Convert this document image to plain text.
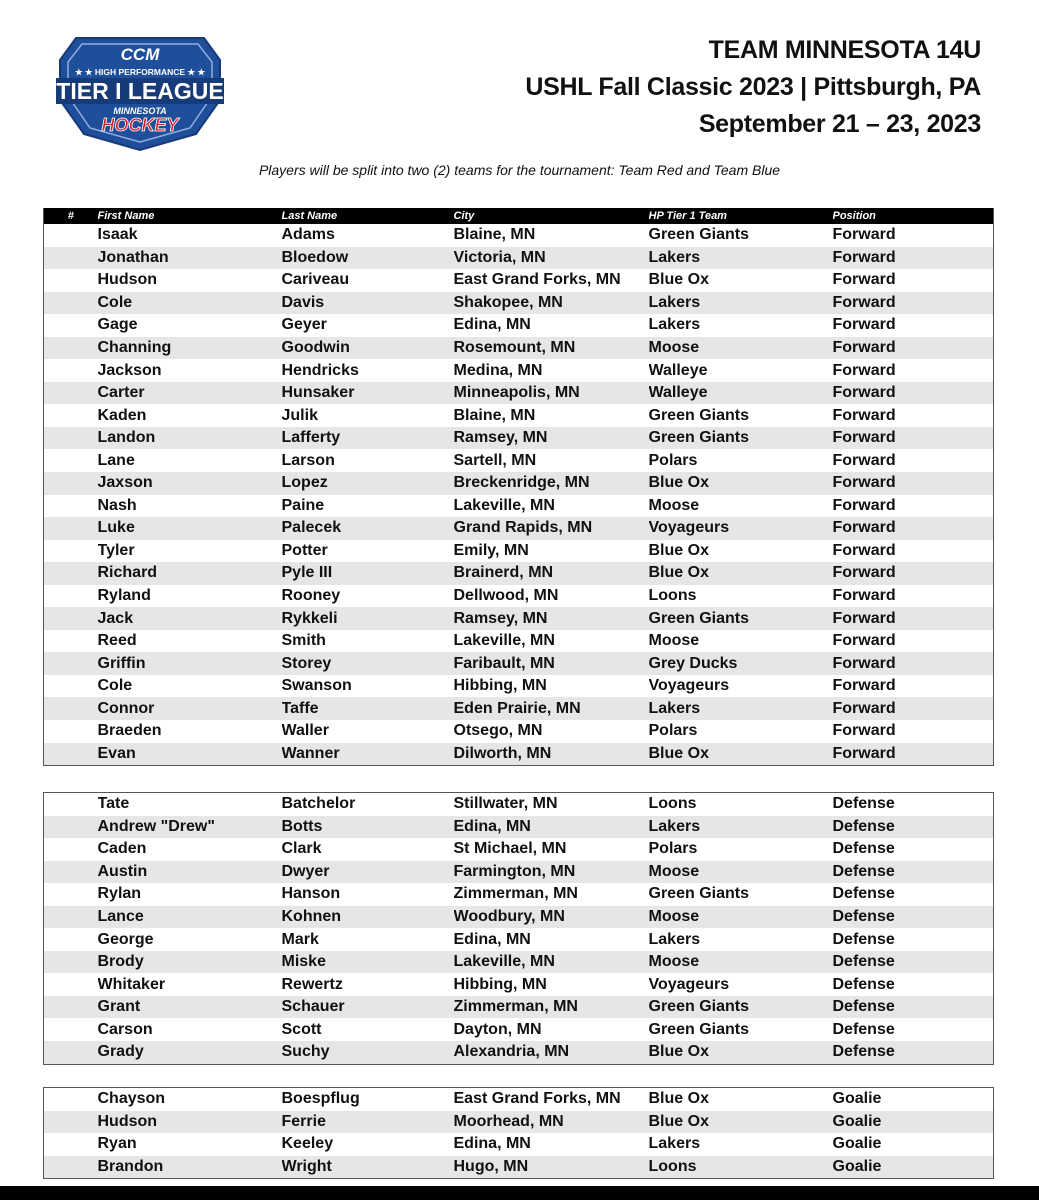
CCM
★ ★ HIGH PERFORMANCE ★ ★
TIER I LEAGUE
MINNESOTA
HOCKEY
TEAM MINNESOTA 14U
USHL Fall Classic 2023 | Pittsburgh, PA
September 21 – 23, 2023
Players will be split into two (2) teams for the tournament: Team Red and Team Blue
#	First Name	Last Name	City	HP Tier 1 Team	Position
	Isaak	Adams	Blaine, MN	Green Giants	Forward
	Jonathan	Bloedow	Victoria, MN	Lakers	Forward
	Hudson	Cariveau	East Grand Forks, MN	Blue Ox	Forward
	Cole	Davis	Shakopee, MN	Lakers	Forward
	Gage	Geyer	Edina, MN	Lakers	Forward
	Channing	Goodwin	Rosemount, MN	Moose	Forward
	Jackson	Hendricks	Medina, MN	Walleye	Forward
	Carter	Hunsaker	Minneapolis, MN	Walleye	Forward
	Kaden	Julik	Blaine, MN	Green Giants	Forward
	Landon	Lafferty	Ramsey, MN	Green Giants	Forward
	Lane	Larson	Sartell, MN	Polars	Forward
	Jaxson	Lopez	Breckenridge, MN	Blue Ox	Forward
	Nash	Paine	Lakeville, MN	Moose	Forward
	Luke	Palecek	Grand Rapids, MN	Voyageurs	Forward
	Tyler	Potter	Emily, MN	Blue Ox	Forward
	Richard	Pyle III	Brainerd, MN	Blue Ox	Forward
	Ryland	Rooney	Dellwood, MN	Loons	Forward
	Jack	Rykkeli	Ramsey, MN	Green Giants	Forward
	Reed	Smith	Lakeville, MN	Moose	Forward
	Griffin	Storey	Faribault, MN	Grey Ducks	Forward
	Cole	Swanson	Hibbing, MN	Voyageurs	Forward
	Connor	Taffe	Eden Prairie, MN	Lakers	Forward
	Braeden	Waller	Otsego, MN	Polars	Forward
	Evan	Wanner	Dilworth, MN	Blue Ox	Forward
	Tate	Batchelor	Stillwater, MN	Loons	Defense
	Andrew "Drew"	Botts	Edina, MN	Lakers	Defense
	Caden	Clark	St Michael, MN	Polars	Defense
	Austin	Dwyer	Farmington, MN	Moose	Defense
	Rylan	Hanson	Zimmerman, MN	Green Giants	Defense
	Lance	Kohnen	Woodbury, MN	Moose	Defense
	George	Mark	Edina, MN	Lakers	Defense
	Brody	Miske	Lakeville, MN	Moose	Defense
	Whitaker	Rewertz	Hibbing, MN	Voyageurs	Defense
	Grant	Schauer	Zimmerman, MN	Green Giants	Defense
	Carson	Scott	Dayton, MN	Green Giants	Defense
	Grady	Suchy	Alexandria, MN	Blue Ox	Defense
	Chayson	Boespflug	East Grand Forks, MN	Blue Ox	Goalie
	Hudson	Ferrie	Moorhead, MN	Blue Ox	Goalie
	Ryan	Keeley	Edina, MN	Lakers	Goalie
	Brandon	Wright	Hugo, MN	Loons	Goalie
